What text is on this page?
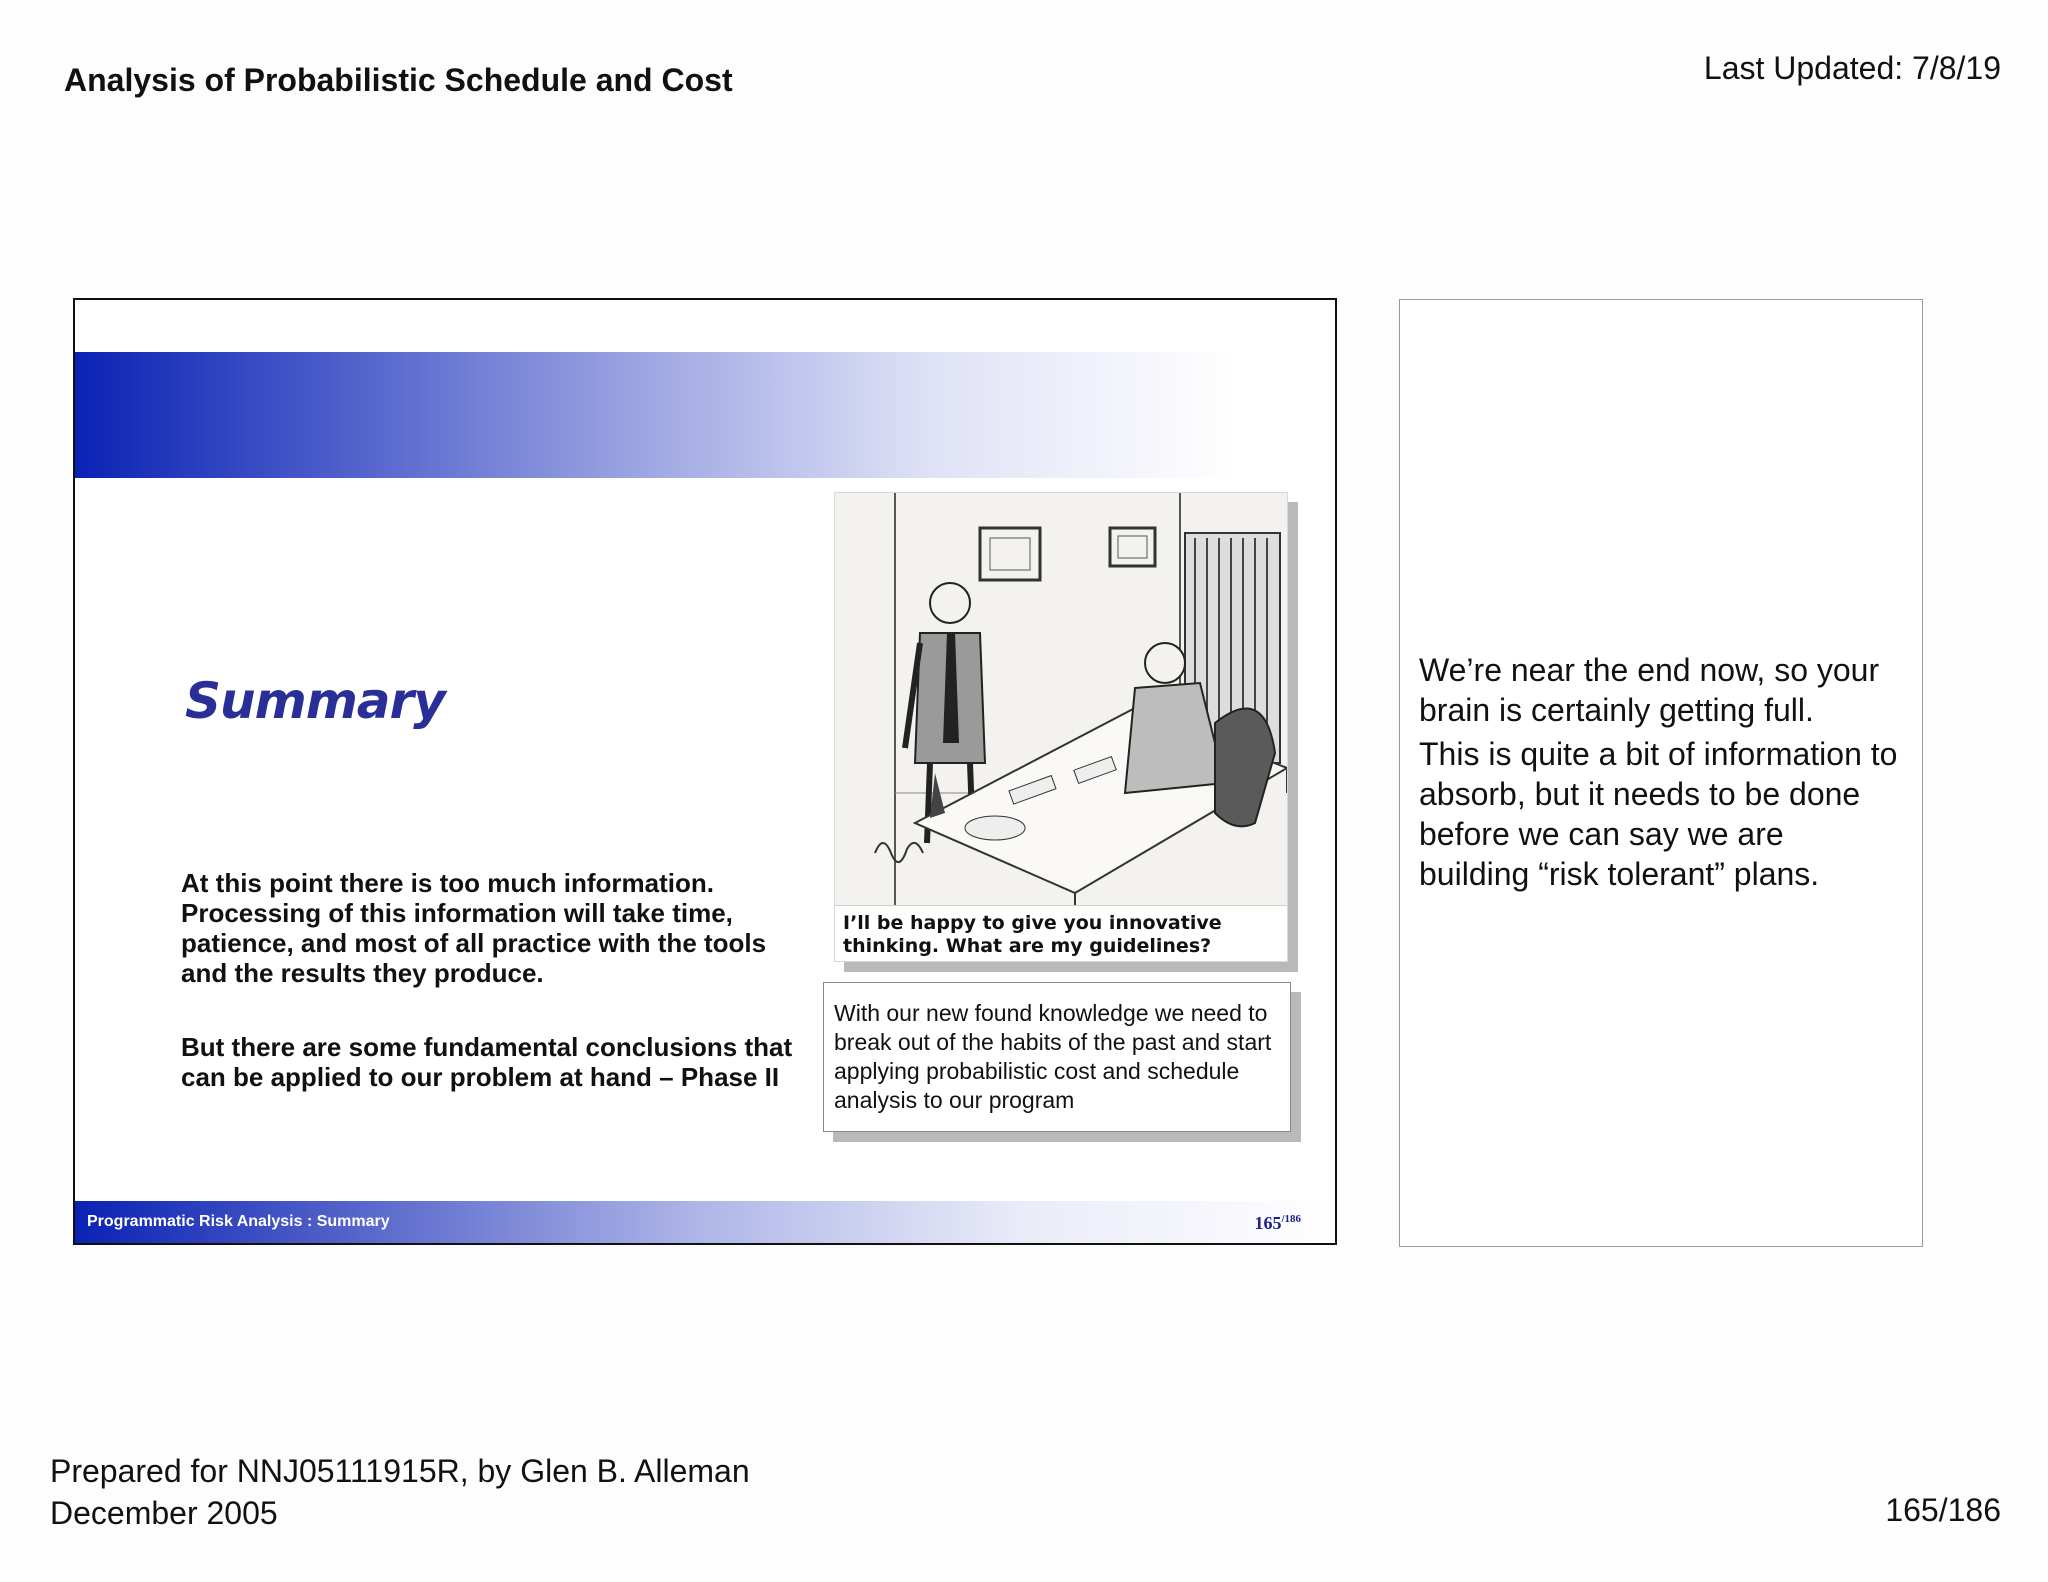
Analysis of Probabilistic Schedule and Cost	Last Updated: 7/8/19
Summary
At this point there is too much information. Processing of this information will take time, patience, and most of all practice with the tools and the results they produce.
But there are some fundamental conclusions that can be applied to our problem at hand – Phase II
I’ll be happy to give you innovative thinking. What are my guidelines?
With our new found knowledge we need to break out of the habits of the past and start applying probabilistic cost and schedule analysis to our program
Programmatic Risk Analysis : Summary	$165^{/186}$

We’re near the end now, so your brain is certainly getting full.

This is quite a bit of information to absorb, but it needs to be done before we can say we are building “risk tolerant” plans.

Prepared for NNJ05111915R, by Glen B. Alleman
December 2005	165/186
